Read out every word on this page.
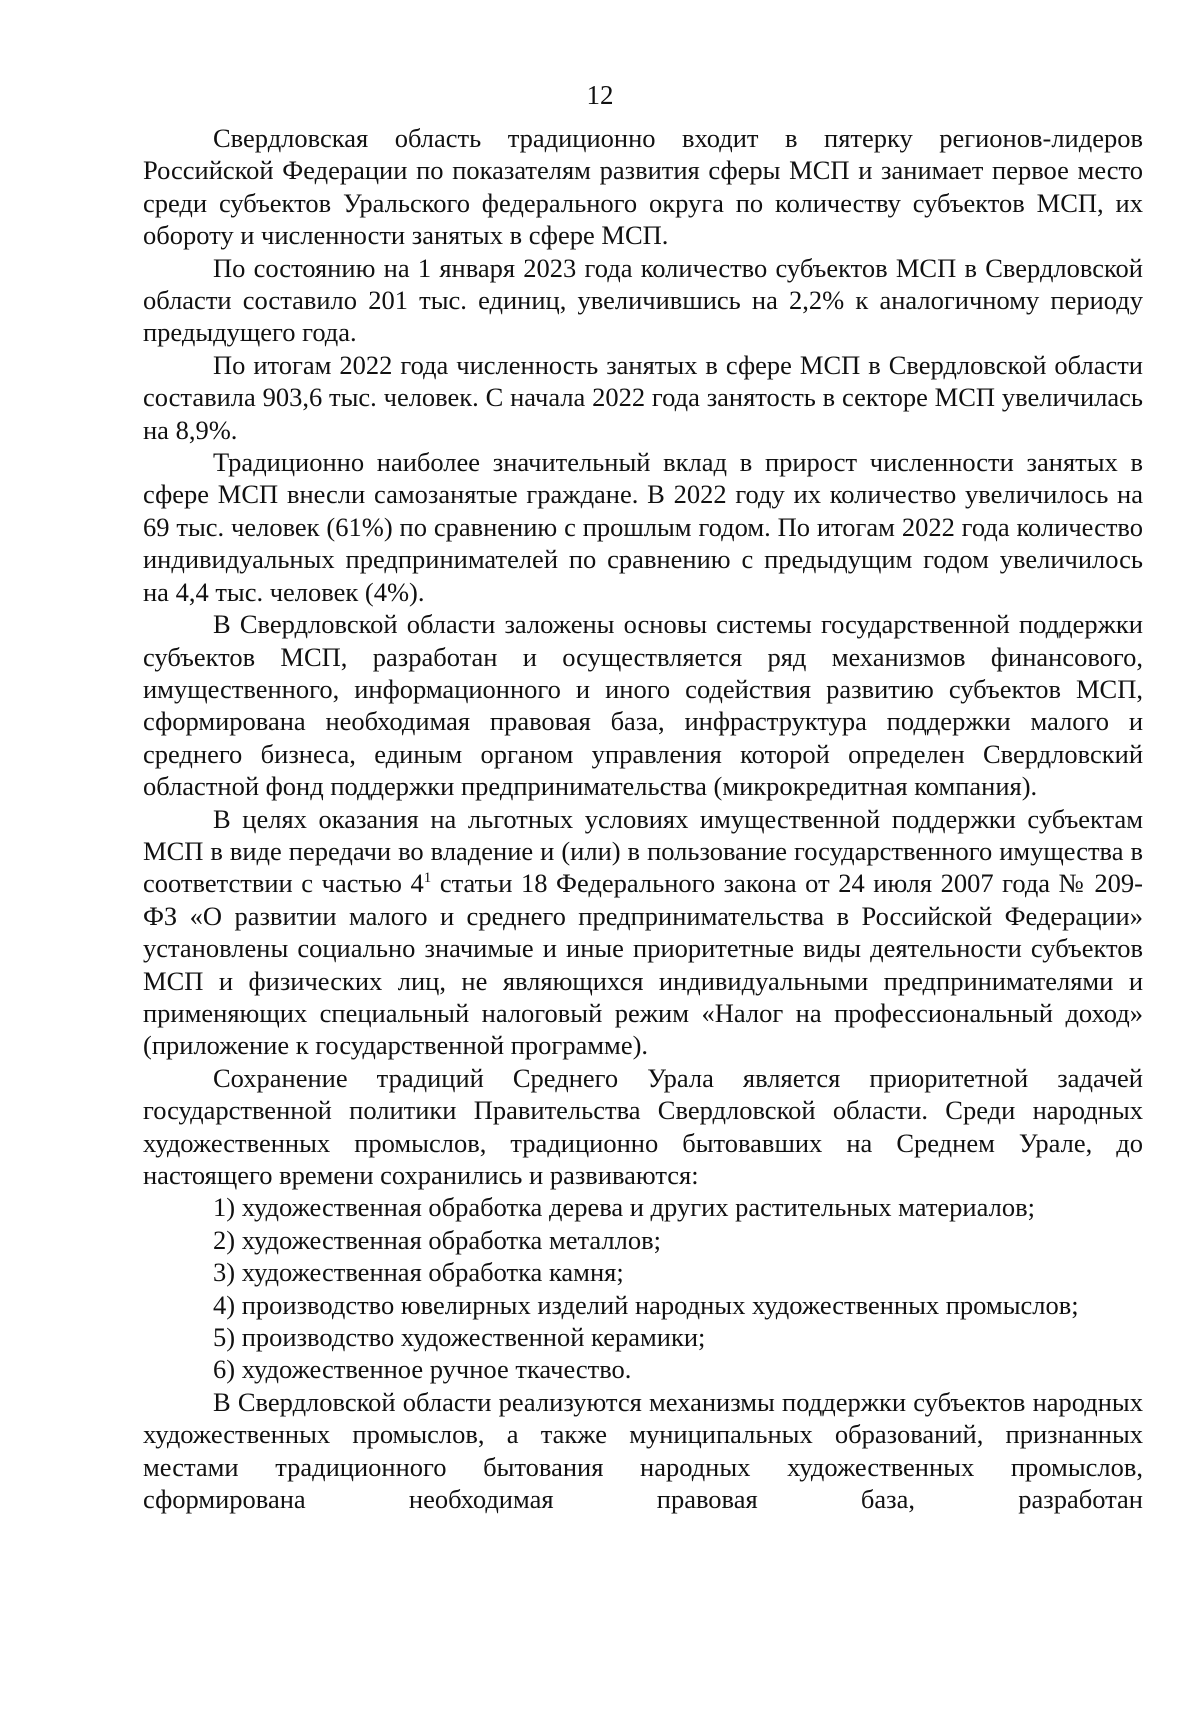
12

Свердловская область традиционно входит в пятерку регионов-лидеров Российской Федерации по показателям развития сферы МСП и занимает первое место среди субъектов Уральского федерального округа по количеству субъектов МСП, их обороту и численности занятых в сфере МСП.

По состоянию на 1 января 2023 года количество субъектов МСП в Свердловской области составило 201 тыс. единиц, увеличившись на 2,2% к аналогичному периоду предыдущего года.

По итогам 2022 года численность занятых в сфере МСП в Свердловской области составила 903,6 тыс. человек. С начала 2022 года занятость в секторе МСП увеличилась на 8,9%.

Традиционно наиболее значительный вклад в прирост численности занятых в сфере МСП внесли самозанятые граждане. В 2022 году их количество увеличилось на 69 тыс. человек (61%) по сравнению с прошлым годом. По итогам 2022 года количество индивидуальных предпринимателей по сравнению с предыдущим годом увеличилось на 4,4 тыс. человек (4%).

В Свердловской области заложены основы системы государственной поддержки субъектов МСП, разработан и осуществляется ряд механизмов финансового, имущественного, информационного и иного содействия развитию субъектов МСП, сформирована необходимая правовая база, инфраструктура поддержки малого и среднего бизнеса, единым органом управления которой определен Свердловский областной фонд поддержки предпринимательства (микрокредитная компания).

В целях оказания на льготных условиях имущественной поддержки субъектам МСП в виде передачи во владение и (или) в пользование государственного имущества в соответствии с частью $4^1$ статьи 18 Федерального закона от 24 июля 2007 года № 209-ФЗ «О развитии малого и среднего предпринимательства в Российской Федерации» установлены социально значимые и иные приоритетные виды деятельности субъектов МСП и физических лиц, не являющихся индивидуальными предпринимателями и применяющих специальный налоговый режим «Налог на профессиональный доход» (приложение к государственной программе).

Сохранение традиций Среднего Урала является приоритетной задачей государственной политики Правительства Свердловской области. Среди народных художественных промыслов, традиционно бытовавших на Среднем Урале, до настоящего времени сохранились и развиваются:

1) художественная обработка дерева и других растительных материалов;

2) художественная обработка металлов;

3) художественная обработка камня;

4) производство ювелирных изделий народных художественных промыслов;

5) производство художественной керамики;

6) художественное ручное ткачество.

В Свердловской области реализуются механизмы поддержки субъектов народных художественных промыслов, а также муниципальных образований, признанных местами традиционного бытования народных художественных промыслов, сформирована необходимая правовая база, разработан
